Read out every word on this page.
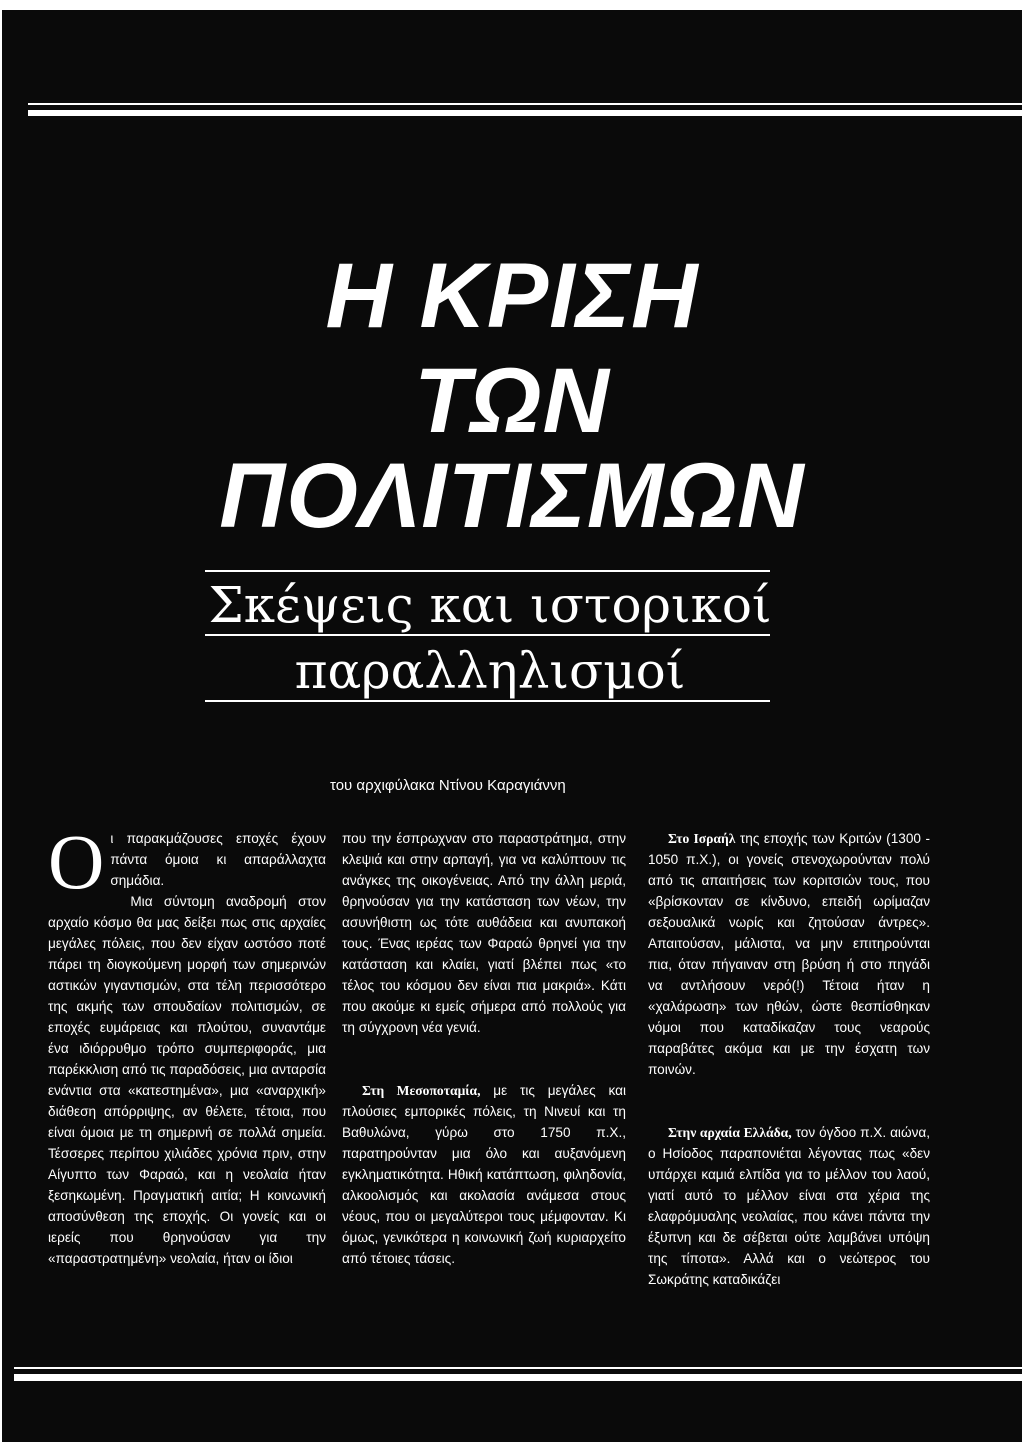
Η ΚΡΙΣΗ
ΤΩΝ
ΠΟΛΙΤΙΣΜΩΝ
Σκέψεις και ιστορικοί
παραλληλισμοί
του αρχιφύλακα Ντίνου Καραγιάννη
Ο ι παρακμάζουσες εποχές έχουν πάντα όμοια κι απαράλλαχτα σημάδια.

Μια σύντομη αναδρομή στον αρχαίο κόσμο θα μας δείξει πως στις αρχαίες μεγάλες πόλεις, που δεν είχαν ωστόσο ποτέ πάρει τη διογκούμενη μορφή των σημερινών αστικών γιγαντισμών, στα τέλη περισσότερο της ακμής των σπουδαίων πολιτισμών, σε εποχές ευμάρειας και πλούτου, συναντάμε ένα ιδιόρρυθμο τρόπο συμπεριφοράς, μια παρέκκλιση από τις παραδόσεις, μια ανταρσία ενάντια στα «κατεστημένα», μια «αναρχική» διάθεση απόρριψης, αν θέλετε, τέτοια, που είναι όμοια με τη σημερινή σε πολλά σημεία. Τέσσερες περίπου χιλιάδες χρόνια πριν, στην Αίγυπτο των Φαραώ, και η νεολαία ήταν ξεσηκωμένη. Πραγματική αιτία; Η κοινωνική αποσύνθεση της εποχής. Οι γονείς και οι ιερείς που θρηνούσαν για την «παραστρατημένη» νεολαία, ήταν οι ίδιοι

που την έσπρωχναν στο παραστράτημα, στην κλεψιά και στην αρπαγή, για να καλύπτουν τις ανάγκες της οικογένειας. Από την άλλη μεριά, θρηνούσαν για την κατάσταση των νέων, την ασυνήθιστη ως τότε αυθάδεια και ανυπακοή τους. Ένας ιερέας των Φαραώ θρηνεί για την κατάσταση και κλαίει, γιατί βλέπει πως «το τέλος του κόσμου δεν είναι πια μακριά». Κάτι που ακούμε κι εμείς σήμερα από πολλούς για τη σύγχρονη νέα γενιά.

Στη Μεσοποταμία, με τις μεγάλες και πλούσιες εμπορικές πόλεις, τη Νινευί και τη Βαθυλώνα, γύρω στο 1750 π.Χ., παρατηρούνταν μια όλο και αυξανόμενη εγκληματικότητα. Ηθική κατάπτωση, φιληδονία, αλκοολισμός και ακολασία ανάμεσα στους νέους, που οι μεγαλύτεροι τους μέμφονταν. Κι όμως, γενικότερα η κοινωνική ζωή κυριαρχείτο από τέτοιες τάσεις.

Στο Ισραήλ της εποχής των Κριτών (1300 - 1050 π.Χ.), οι γονείς στενοχωρούνταν πολύ από τις απαιτήσεις των κοριτσιών τους, που «βρίσκονταν σε κίνδυνο, επειδή ωρίμαζαν σεξουαλικά νωρίς και ζητούσαν άντρες». Απαιτούσαν, μάλιστα, να μην επιτηρούνται πια, όταν πήγαιναν στη βρύση ή στο πηγάδι να αντλήσουν νερό(!) Τέτοια ήταν η «χαλάρωση» των ηθών, ώστε θεσπίσθηκαν νόμοι που καταδίκαζαν τους νεαρούς παραβάτες ακόμα και με την έσχατη των ποινών.

Στην αρχαία Ελλάδα, τον όγδοο π.Χ. αιώνα, ο Ησίοδος παραπονιέται λέγοντας πως «δεν υπάρχει καμιά ελπίδα για το μέλλον του λαού, γιατί αυτό το μέλλον είναι στα χέρια της ελαφρόμυαλης νεολαίας, που κάνει πάντα την έξυπνη και δε σέβεται ούτε λαμβάνει υπόψη της τίποτα». Αλλά και ο νεώτερος του Σωκράτης καταδικάζει
